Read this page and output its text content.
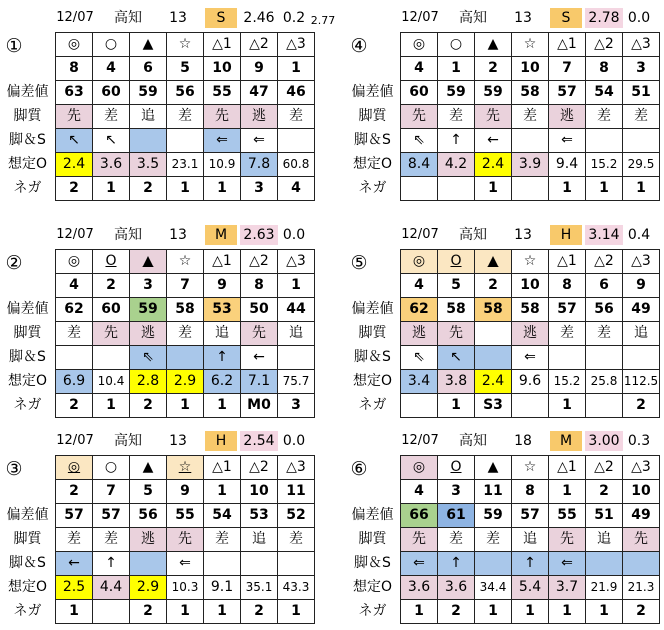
12/07 高知	13	S	2.46 0.2 2.77
①
		◎	○	▲	☆	△1	△2	△3
	8	4	6	5	10	9	1
偏差値	63	60	59	56	55	47	46
脚質	先	差	追	差	先	逃	差
脚＆S	↖	↖			⇐	⇐	
想定O	2.4	3.6	3.5	23.1	10.9	7.8	60.8
ネガ	2	1	2	1	1	3	4
12/07 高知	13	S	2.78 0.0
④
		◎	○	▲	☆	△1	△2	△3
	4	1	2	10	7	8	3
偏差値	60	59	59	58	57	54	51
脚質	先	差	先	差	逃	差	差
脚＆S	⇖	↑	←		⇐		
想定O	8.4	4.2	2.4	3.9	9.4	15.2	29.5
ネガ			1		1	1	1
12/07 高知	13	M	2.63 0.0
②
		◎	O	▲	☆	△1	△2	△3
	4	2	3	7	9	8	1
偏差値	62	60	59	58	53	50	44
脚質	差	先	逃	差	追	先	追
脚＆S			⇖		↑	←	
想定O	6.9	10.4	2.8	2.9	6.2	7.1	75.7
ネガ	2	1	2	1	1	M0	3
12/07 高知	13	H	3.14 0.4
⑤
		◎	O	▲	☆	△1	△2	△3
	4	5	2	10	8	6	9
偏差値	62	58	58	58	57	56	49
脚質	逃	先		逃	差	差	追
脚＆S	⇖	↖		⇐			
想定O	3.4	3.8	2.4	9.6	15.2	25.8	112.5
ネガ		1	S3		1		2
12/07 高知	13	H	2.54 0.0
③
		◎	○	▲	☆	△1	△2	△3
	2	7	5	9	1	10	11
偏差値	57	57	56	55	54	53	52
脚質	差	差	逃	先	差	追	差
脚＆S	←	↑		⇐			
想定O	2.5	4.4	2.9	10.3	9.1	35.1	43.3
ネガ	1		2	1	1	2	1
12/07 高知	18	M	3.00 0.3
⑥
		◎	O	▲	☆	△1	△2	△3
	4	3	11	8	1	2	10
偏差値	66	61	59	57	55	51	49
脚質	先	差	差	追	先	追	先
脚＆S	⇐	↑		↑	⇐		
想定O	3.6	3.6	34.4	5.4	3.7	21.9	21.3
ネガ	1	2	1	1	1	1	2
